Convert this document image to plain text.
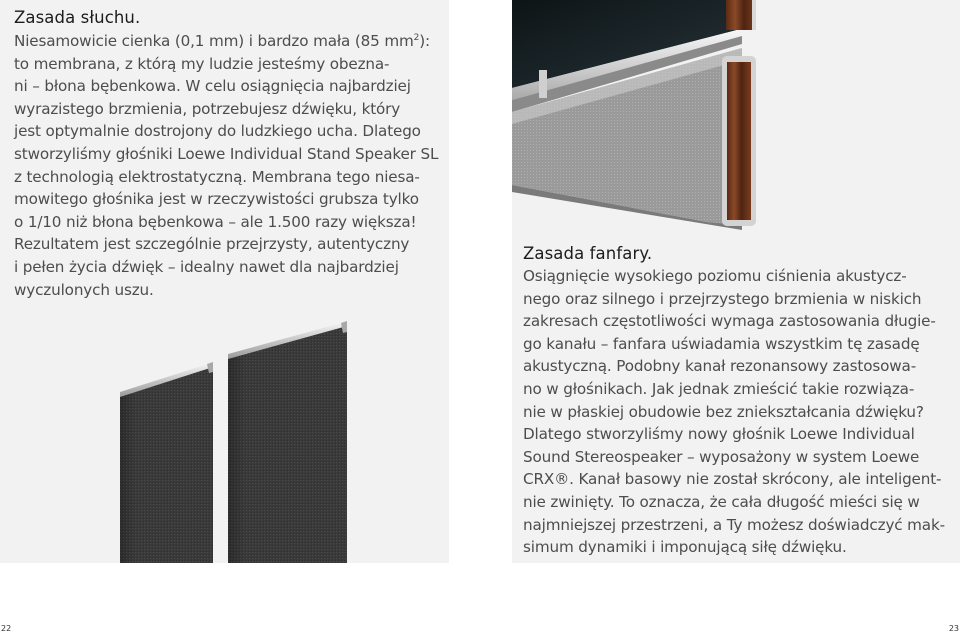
Zasada słuchu.
Niesamowicie cienka (0,1 mm) i bardzo mała (85 $mm^2$):
to membrana, z którą my ludzie jesteśmy obezna-
ni – błona bębenkowa. W celu osiągnięcia najbardziej
wyrazistego brzmienia, potrzebujesz dźwięku, który
jest optymalnie dostrojony do ludzkiego ucha. Dlatego
stworzyliśmy głośniki Loewe Individual Stand Speaker SL
z technologią elektrostatyczną. Membrana tego niesa-
mowitego głośnika jest w rzeczywistości grubsza tylko
o 1/10 niż błona bębenkowa – ale 1.500 razy większa!
Rezultatem jest szczególnie przejrzysty, autentyczny
i pełen życia dźwięk – idealny nawet dla najbardziej
wyczulonych uszu.
Zasada fanfary.
Osiągnięcie wysokiego poziomu ciśnienia akustycz-
nego oraz silnego i przejrzystego brzmienia w niskich
zakresach częstotliwości wymaga zastosowania długie-
go kanału – fanfara uświadamia wszystkim tę zasadę
akustyczną. Podobny kanał rezonansowy zastosowa-
no w głośnikach. Jak jednak zmieścić takie rozwiąza-
nie w płaskiej obudowie bez zniekształcania dźwięku?
Dlatego stworzyliśmy nowy głośnik Loewe Individual
Sound Stereospeaker – wyposażony w system Loewe
CRX®. Kanał basowy nie został skrócony, ale inteligent-
nie zwinięty. To oznacza, że cała długość mieści się w
najmniejszej przestrzeni, a Ty możesz doświadczyć mak-
simum dynamiki i imponującą siłę dźwięku.
22	23
